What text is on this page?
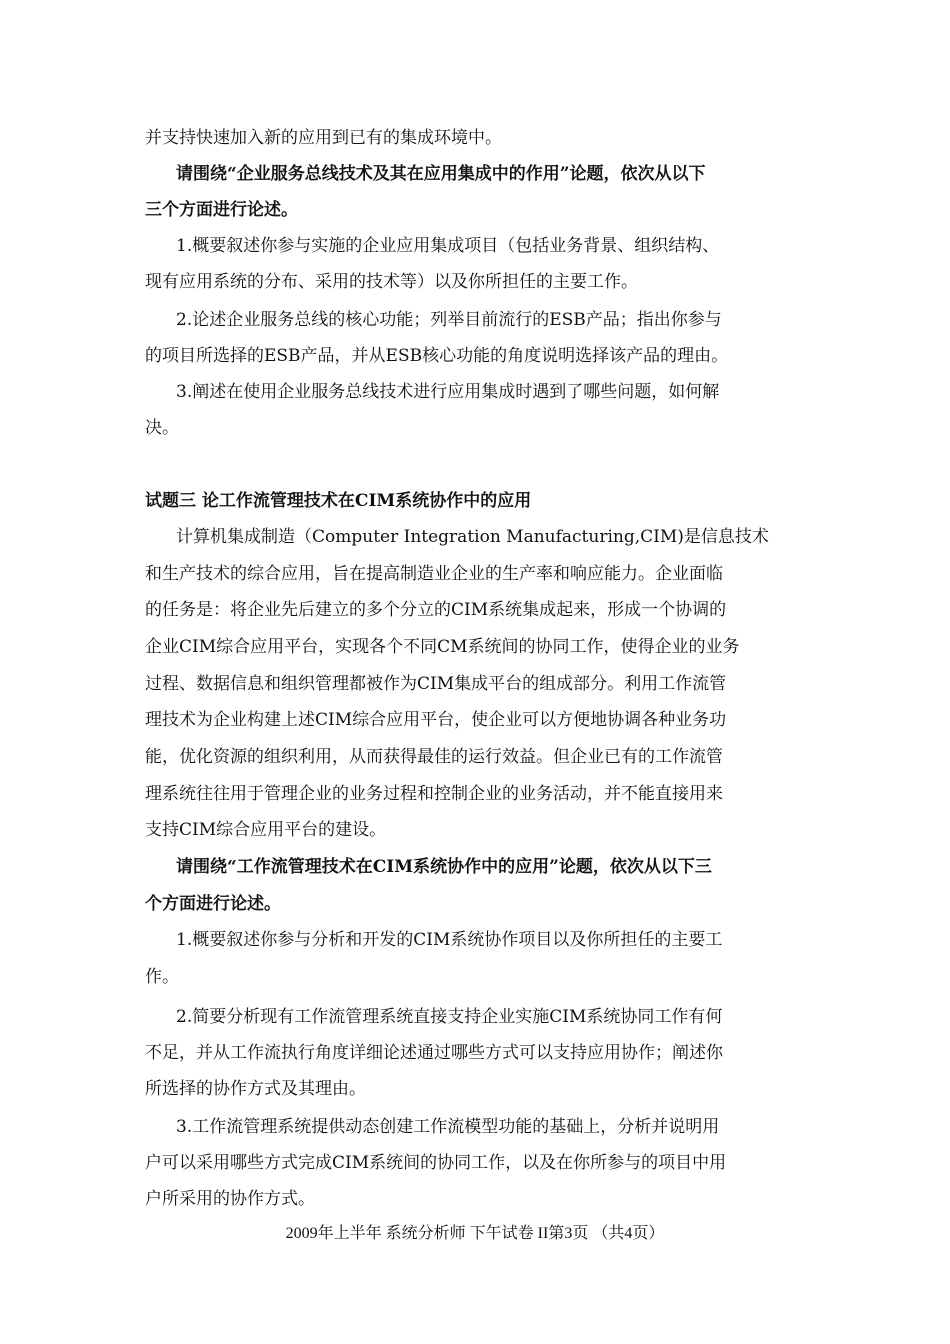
并支持快速加入新的应用到已有的集成环境中。
请围绕“企业服务总线技术及其在应用集成中的作用”论题，依次从以下
三个方面进行论述。
1.概要叙述你参与实施的企业应用集成项目（包括业务背景、组织结构、
现有应用系统的分布、采用的技术等）以及你所担任的主要工作。
2.论述企业服务总线的核心功能；列举目前流行的ESB产品；指出你参与
的项目所选择的ESB产品，并从ESB核心功能的角度说明选择该产品的理由。
3.阐述在使用企业服务总线技术进行应用集成时遇到了哪些问题，如何解
决。
试题三 论工作流管理技术在CIM系统协作中的应用
计算机集成制造（Computer Integration Manufacturing,CIM)是信息技术
和生产技术的综合应用，旨在提高制造业企业的生产率和响应能力。企业面临
的任务是：将企业先后建立的多个分立的CIM系统集成起来，形成一个协调的
企业CIM综合应用平台，实现各个不同CM系统间的协同工作，使得企业的业务
过程、数据信息和组织管理都被作为CIM集成平台的组成部分。利用工作流管
理技术为企业构建上述CIM综合应用平台，使企业可以方便地协调各种业务功
能，优化资源的组织利用，从而获得最佳的运行效益。但企业已有的工作流管
理系统往往用于管理企业的业务过程和控制企业的业务活动，并不能直接用来
支持CIM综合应用平台的建设。
请围绕“工作流管理技术在CIM系统协作中的应用”论题，依次从以下三
个方面进行论述。
1.概要叙述你参与分析和开发的CIM系统协作项目以及你所担任的主要工
作。
2.简要分析现有工作流管理系统直接支持企业实施CIM系统协同工作有何
不足，并从工作流执行角度详细论述通过哪些方式可以支持应用协作；阐述你
所选择的协作方式及其理由。
3.工作流管理系统提供动态创建工作流模型功能的基础上，分析并说明用
户可以采用哪些方式完成CIM系统间的协同工作，以及在你所参与的项目中用
户所采用的协作方式。
2009年上半年 系统分析师 下午试卷 II第3页 （共4页）
